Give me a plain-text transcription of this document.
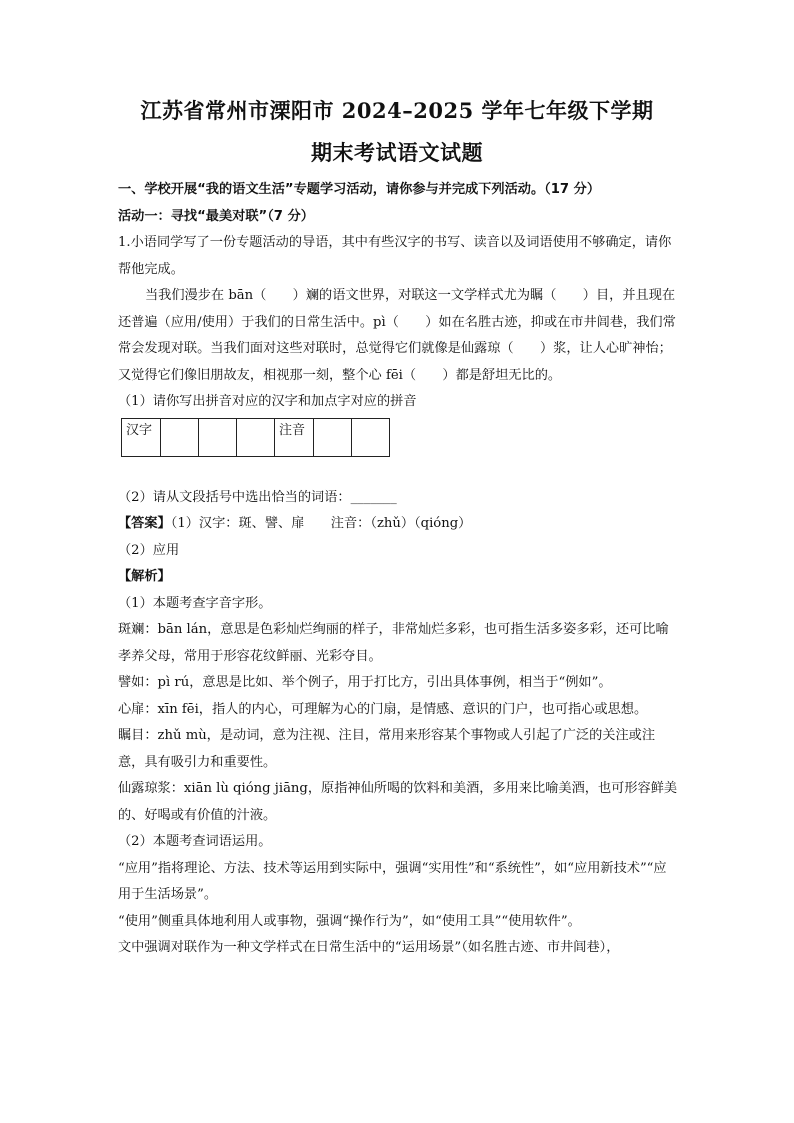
江苏省常州市溧阳市 2024–2025 学年七年级下学期
期末考试语文试题

一、学校开展“我的语文生活”专题学习活动，请你参与并完成下列活动。（17 分）

活动一：寻找“最美对联”（7 分）

1.小语同学写了一份专题活动的导语，其中有些汉字的书写、读音以及词语使用不够确定，请你帮他完成。

当我们漫步在 bān（　　）斓的语文世界，对联这一文学样式尤为瞩（　　）目，并且现在还普遍（应用/使用）于我们的日常生活中。pì（　　）如在名胜古迹，抑或在市井闾巷，我们常常会发现对联。当我们面对这些对联时，总觉得它们就像是仙露琼（　　）浆，让人心旷神怡；又觉得它们像旧朋故友，相视那一刻，整个心 fēi（　　）都是舒坦无比的。

（1）请你写出拼音对应的汉字和加点字对应的拼音

汉字				注音		

（2）请从文段括号中选出恰当的词语：_______

【答案】（1）汉字：斑、譬、扉　　注音：（zhǔ）（qióng）

（2）应用

【解析】

（1）本题考查字音字形。

斑斓：bān lán，意思是色彩灿烂绚丽的样子，非常灿烂多彩，也可指生活多姿多彩，还可比喻孝养父母，常用于形容花纹鲜丽、光彩夺目。

譬如：pì rú，意思是比如、举个例子，用于打比方，引出具体事例，相当于“例如”。

心扉：xīn fēi，指人的内心，可理解为心的门扇，是情感、意识的门户，也可指心或思想。

瞩目：zhǔ mù，是动词，意为注视、注目，常用来形容某个事物或人引起了广泛的关注或注意，具有吸引力和重要性。

仙露琼浆：xiān lù qióng jiāng，原指神仙所喝的饮料和美酒，多用来比喻美酒，也可形容鲜美的、好喝或有价值的汁液。

（2）本题考查词语运用。

“应用”指将理论、方法、技术等运用到实际中，强调“实用性”和“系统性”，如“应用新技术”“应用于生活场景”。

“使用”侧重具体地利用人或事物，强调“操作行为”，如“使用工具”“使用软件”。

文中强调对联作为一种文学样式在日常生活中的“运用场景”（如名胜古迹、市井闾巷），
